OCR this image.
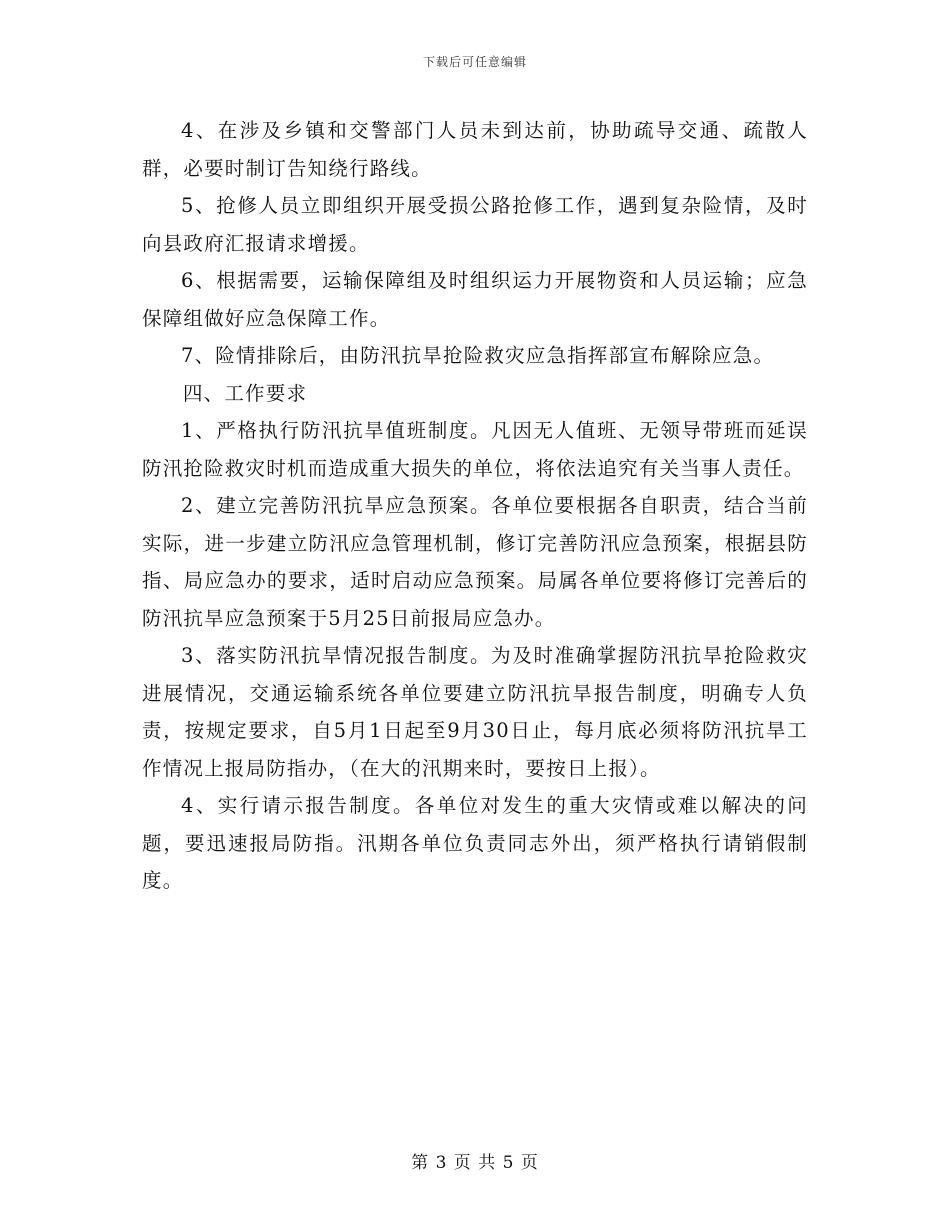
下载后可任意编辑

4、在涉及乡镇和交警部门人员未到达前，协助疏导交通、疏散人群，必要时制订告知绕行路线。

5、抢修人员立即组织开展受损公路抢修工作，遇到复杂险情，及时向县政府汇报请求增援。

6、根据需要，运输保障组及时组织运力开展物资和人员运输；应急保障组做好应急保障工作。

7、险情排除后，由防汛抗旱抢险救灾应急指挥部宣布解除应急。

四、工作要求

1、严格执行防汛抗旱值班制度。凡因无人值班、无领导带班而延误防汛抢险救灾时机而造成重大损失的单位，将依法追究有关当事人责任。

2、建立完善防汛抗旱应急预案。各单位要根据各自职责，结合当前实际，进一步建立防汛应急管理机制，修订完善防汛应急预案，根据县防指、局应急办的要求，适时启动应急预案。局属各单位要将修订完善后的防汛抗旱应急预案于5月25日前报局应急办。

3、落实防汛抗旱情况报告制度。为及时准确掌握防汛抗旱抢险救灾进展情况，交通运输系统各单位要建立防汛抗旱报告制度，明确专人负责，按规定要求，自5月1日起至9月30日止，每月底必须将防汛抗旱工作情况上报局防指办，（在大的汛期来时，要按日上报）。

4、实行请示报告制度。各单位对发生的重大灾情或难以解决的问题，要迅速报局防指。汛期各单位负责同志外出，须严格执行请销假制度。

第 3 页 共 5 页
